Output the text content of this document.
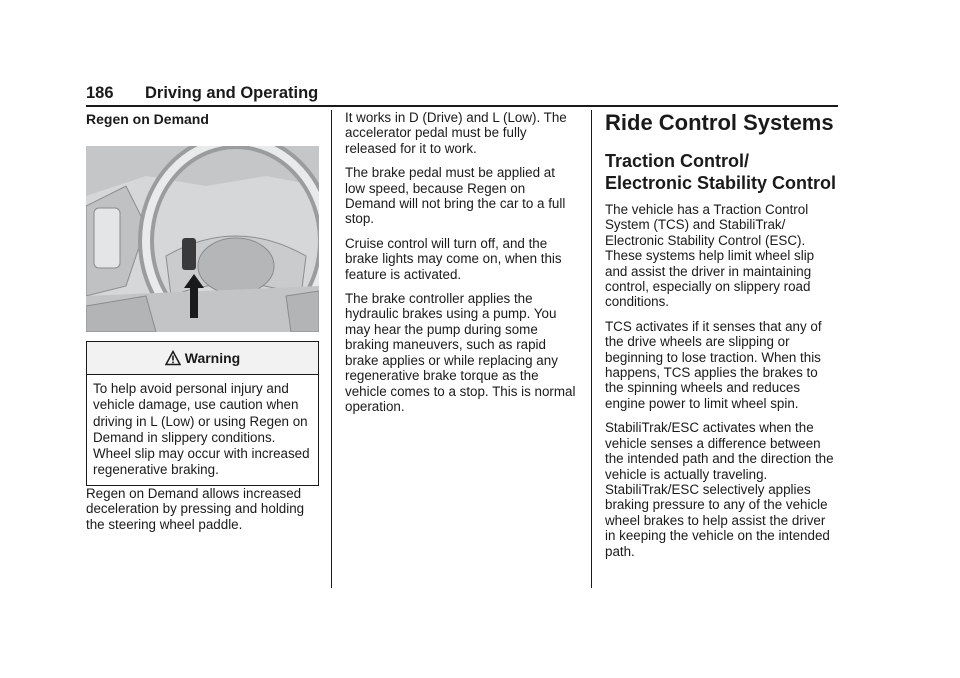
186 Driving and Operating
Regen on Demand
Warning
To help avoid personal injury and vehicle damage, use caution when driving in L (Low) or using Regen on Demand in slippery conditions. Wheel slip may occur with increased regenerative braking.

Regen on Demand allows increased deceleration by pressing and holding the steering wheel paddle.

It works in D (Drive) and L (Low). The accelerator pedal must be fully released for it to work.

The brake pedal must be applied at low speed, because Regen on Demand will not bring the car to a full stop.

Cruise control will turn off, and the brake lights may come on, when this feature is activated.

The brake controller applies the hydraulic brakes using a pump. You may hear the pump during some braking maneuvers, such as rapid brake applies or while replacing any regenerative brake torque as the vehicle comes to a stop. This is normal operation.

Ride Control Systems
Traction Control/ Electronic Stability Control

The vehicle has a Traction Control System (TCS) and StabiliTrak/ Electronic Stability Control (ESC). These systems help limit wheel slip and assist the driver in maintaining control, especially on slippery road conditions.

TCS activates if it senses that any of the drive wheels are slipping or beginning to lose traction. When this happens, TCS applies the brakes to the spinning wheels and reduces engine power to limit wheel spin.

StabiliTrak/ESC activates when the vehicle senses a difference between the intended path and the direction the vehicle is actually traveling. StabiliTrak/ESC selectively applies braking pressure to any of the vehicle wheel brakes to help assist the driver in keeping the vehicle on the intended path.
